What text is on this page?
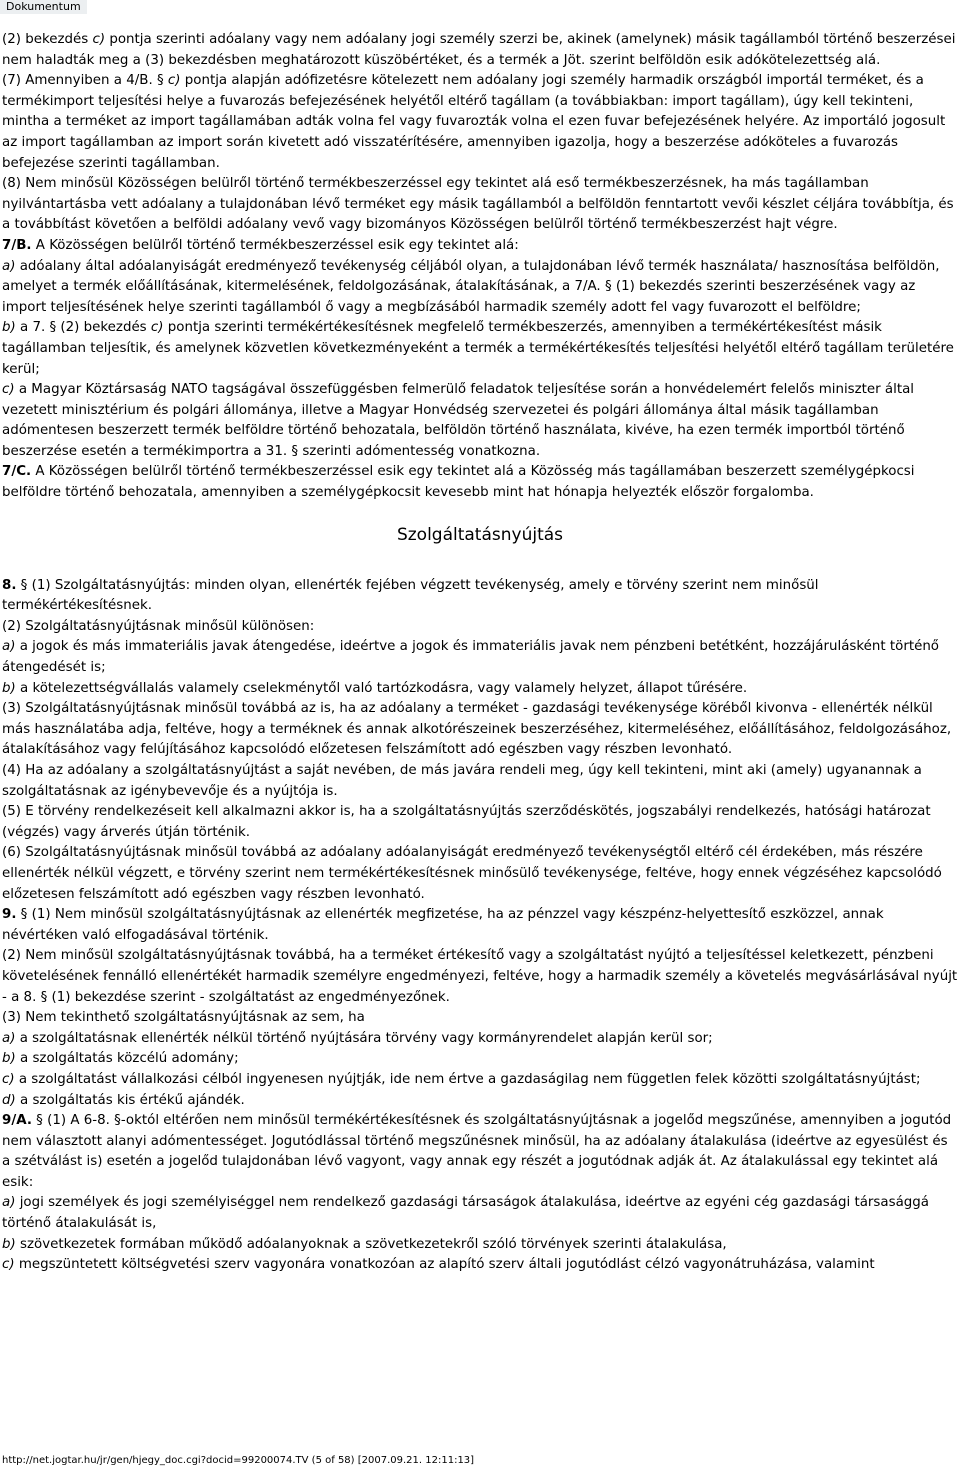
Dokumentum

(2) bekezdés c) pontja szerinti adóalany vagy nem adóalany jogi személy szerzi be, akinek (amelynek) másik tagállamból történő beszerzései nem haladták meg a (3) bekezdésben meghatározott küszöbértéket, és a termék a Jöt. szerint belföldön esik adókötelezettség alá.

(7) Amennyiben a 4/B. § c) pontja alapján adófizetésre kötelezett nem adóalany jogi személy harmadik országból importál terméket, és a termékimport teljesítési helye a fuvarozás befejezésének helyétől eltérő tagállam (a továbbiakban: import tagállam), úgy kell tekinteni, mintha a terméket az import tagállamában adták volna fel vagy fuvarozták volna el ezen fuvar befejezésének helyére. Az importáló jogosult az import tagállamban az import során kivetett adó visszatérítésére, amennyiben igazolja, hogy a beszerzése adóköteles a fuvarozás befejezése szerinti tagállamban.

(8) Nem minősül Közösségen belülről történő termékbeszerzéssel egy tekintet alá eső termékbeszerzésnek, ha más tagállamban nyilvántartásba vett adóalany a tulajdonában lévő terméket egy másik tagállamból a belföldön fenntartott vevői készlet céljára továbbítja, és a továbbítást követően a belföldi adóalany vevő vagy bizományos Közösségen belülről történő termékbeszerzést hajt végre.

7/B. A Közösségen belülről történő termékbeszerzéssel esik egy tekintet alá:

a) adóalany által adóalanyiságát eredményező tevékenység céljából olyan, a tulajdonában lévő termék használata/ hasznosítása belföldön, amelyet a termék előállításának, kitermelésének, feldolgozásának, átalakításának, a 7/A. § (1) bekezdés szerinti beszerzésének vagy az import teljesítésének helye szerinti tagállamból ő vagy a megbízásából harmadik személy adott fel vagy fuvarozott el belföldre;

b) a 7. § (2) bekezdés c) pontja szerinti termékértékesítésnek megfelelő termékbeszerzés, amennyiben a termékértékesítést másik tagállamban teljesítik, és amelynek közvetlen következményeként a termék a termékértékesítés teljesítési helyétől eltérő tagállam területére kerül;

c) a Magyar Köztársaság NATO tagságával összefüggésben felmerülő feladatok teljesítése során a honvédelemért felelős miniszter által vezetett minisztérium és polgári állománya, illetve a Magyar Honvédség szervezetei és polgári állománya által másik tagállamban adómentesen beszerzett termék belföldre történő behozatala, belföldön történő használata, kivéve, ha ezen termék importból történő beszerzése esetén a termékimportra a 31. § szerinti adómentesség vonatkozna.

7/C. A Közösségen belülről történő termékbeszerzéssel esik egy tekintet alá a Közösség más tagállamában beszerzett személygépkocsi belföldre történő behozatala, amennyiben a személygépkocsit kevesebb mint hat hónapja helyezték először forgalomba.

Szolgáltatásnyújtás

8. § (1) Szolgáltatásnyújtás: minden olyan, ellenérték fejében végzett tevékenység, amely e törvény szerint nem minősül termékértékesítésnek.

(2) Szolgáltatásnyújtásnak minősül különösen:

a) a jogok és más immateriális javak átengedése, ideértve a jogok és immateriális javak nem pénzbeni betétként, hozzájárulásként történő átengedését is;

b) a kötelezettségvállalás valamely cselekménytől való tartózkodásra, vagy valamely helyzet, állapot tűrésére.

(3) Szolgáltatásnyújtásnak minősül továbbá az is, ha az adóalany a terméket - gazdasági tevékenysége köréből kivonva - ellenérték nélkül más használatába adja, feltéve, hogy a terméknek és annak alkotórészeinek beszerzéséhez, kitermeléséhez, előállításához, feldolgozásához, átalakításához vagy felújításához kapcsolódó előzetesen felszámított adó egészben vagy részben levonható.

(4) Ha az adóalany a szolgáltatásnyújtást a saját nevében, de más javára rendeli meg, úgy kell tekinteni, mint aki (amely) ugyanannak a szolgáltatásnak az igénybevevője és a nyújtója is.

(5) E törvény rendelkezéseit kell alkalmazni akkor is, ha a szolgáltatásnyújtás szerződéskötés, jogszabályi rendelkezés, hatósági határozat (végzés) vagy árverés útján történik.

(6) Szolgáltatásnyújtásnak minősül továbbá az adóalany adóalanyiságát eredményező tevékenységtől eltérő cél érdekében, más részére ellenérték nélkül végzett, e törvény szerint nem termékértékesítésnek minősülő tevékenysége, feltéve, hogy ennek végzéséhez kapcsolódó előzetesen felszámított adó egészben vagy részben levonható.

9. § (1) Nem minősül szolgáltatásnyújtásnak az ellenérték megfizetése, ha az pénzzel vagy készpénz-helyettesítő eszközzel, annak névértéken való elfogadásával történik.

(2) Nem minősül szolgáltatásnyújtásnak továbbá, ha a terméket értékesítő vagy a szolgáltatást nyújtó a teljesítéssel keletkezett, pénzbeni követelésének fennálló ellenértékét harmadik személyre engedményezi, feltéve, hogy a harmadik személy a követelés megvásárlásával nyújt - a 8. § (1) bekezdése szerint - szolgáltatást az engedményezőnek.

(3) Nem tekinthető szolgáltatásnyújtásnak az sem, ha

a) a szolgáltatásnak ellenérték nélkül történő nyújtására törvény vagy kormányrendelet alapján kerül sor;

b) a szolgáltatás közcélú adomány;

c) a szolgáltatást vállalkozási célból ingyenesen nyújtják, ide nem értve a gazdaságilag nem független felek közötti szolgáltatásnyújtást;

d) a szolgáltatás kis értékű ajándék.

9/A. § (1) A 6-8. §-októl eltérően nem minősül termékértékesítésnek és szolgáltatásnyújtásnak a jogelőd megszűnése, amennyiben a jogutód nem választott alanyi adómentességet. Jogutódlással történő megszűnésnek minősül, ha az adóalany átalakulása (ideértve az egyesülést és a szétválást is) esetén a jogelőd tulajdonában lévő vagyont, vagy annak egy részét a jogutódnak adják át. Az átalakulással egy tekintet alá esik:

a) jogi személyek és jogi személyiséggel nem rendelkező gazdasági társaságok átalakulása, ideértve az egyéni cég gazdasági társasággá történő átalakulását is,

b) szövetkezetek formában működő adóalanyoknak a szövetkezetekről szóló törvények szerinti átalakulása,

c) megszüntetett költségvetési szerv vagyonára vonatkozóan az alapító szerv általi jogutódlást célzó vagyonátruházása, valamint

http://net.jogtar.hu/jr/gen/hjegy_doc.cgi?docid=99200074.TV (5 of 58) [2007.09.21. 12:11:13]
